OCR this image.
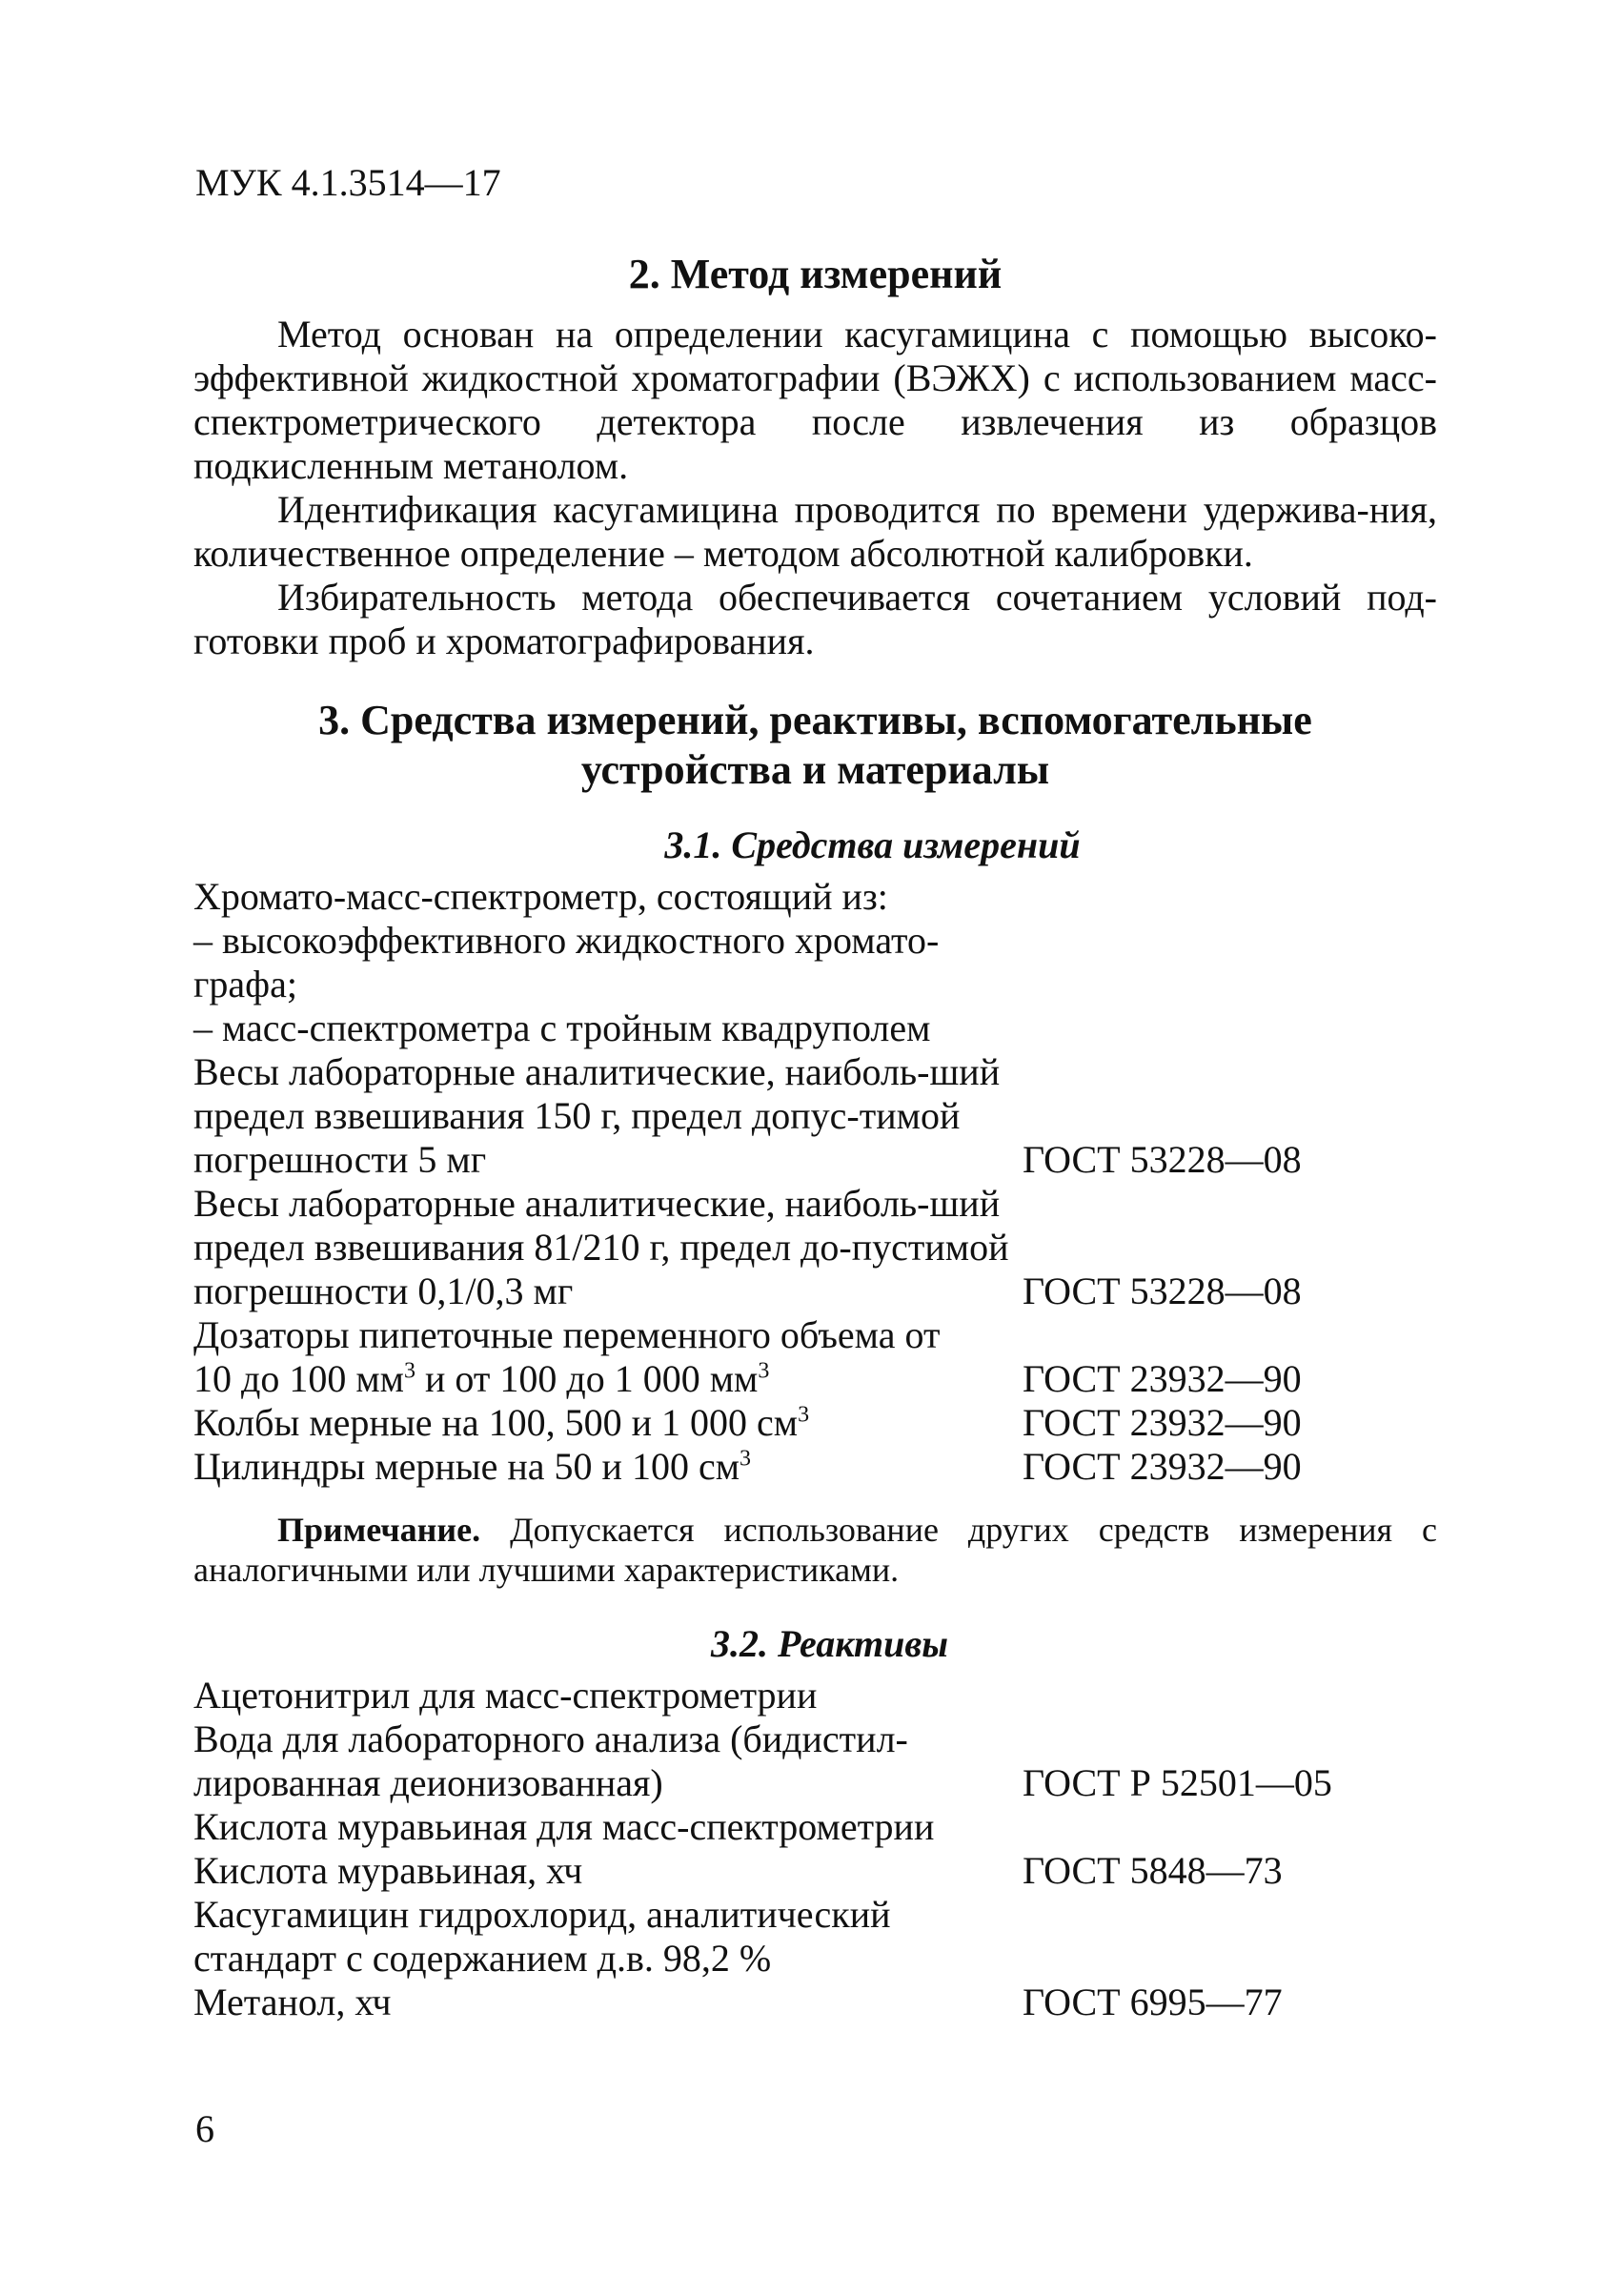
МУК 4.1.3514—17
2. Метод измерений

Метод основан на определении касугамицина с помощью высоко-эффективной жидкостной хроматографии (ВЭЖХ) с использованием масс-спектрометрического детектора после извлечения из образцов подкисленным метанолом.

Идентификация касугамицина проводится по времени удержива-ния, количественное определение – методом абсолютной калибровки.

Избирательность метода обеспечивается сочетанием условий под-готовки проб и хроматографирования.

3. Средства измерений, реактивы, вспомогательные
устройства и материалы
3.1. Средства измерений
Хромато-масс-спектрометр, состоящий из:
– высокоэффективного жидкостного хромато-графа;
– масс-спектрометра с тройным квадруполем
Весы лабораторные аналитические, наиболь-ший предел взвешивания 150 г, предел допус-тимой погрешности 5 мг	ГОСТ 53228—08
Весы лабораторные аналитические, наиболь-ший предел взвешивания 81/210 г, предел до-пустимой погрешности 0,1/0,3 мг	ГОСТ 53228—08
Дозаторы пипеточные переменного объема от
10 до 100 $мм^3$ и от 100 до 1 000 $мм^3$	ГОСТ 23932—90
Колбы мерные на 100, 500 и 1 000 $см^3$	ГОСТ 23932—90
Цилиндры мерные на 50 и 100 $см^3$	ГОСТ 23932—90
Примечание. Допускается использование других средств измерения с аналогичными или лучшими характеристиками.
3.2. Реактивы
Ацетонитрил для масс-спектрометрии
Вода для лабораторного анализа (бидистил-лированная деионизованная)	ГОСТ Р 52501—05
Кислота муравьиная для масс-спектрометрии
Кислота муравьиная, хч	ГОСТ 5848—73
Касугамицин гидрохлорид, аналитический стандарт с содержанием д.в. 98,2 %
Метанол, хч	ГОСТ 6995—77
6
